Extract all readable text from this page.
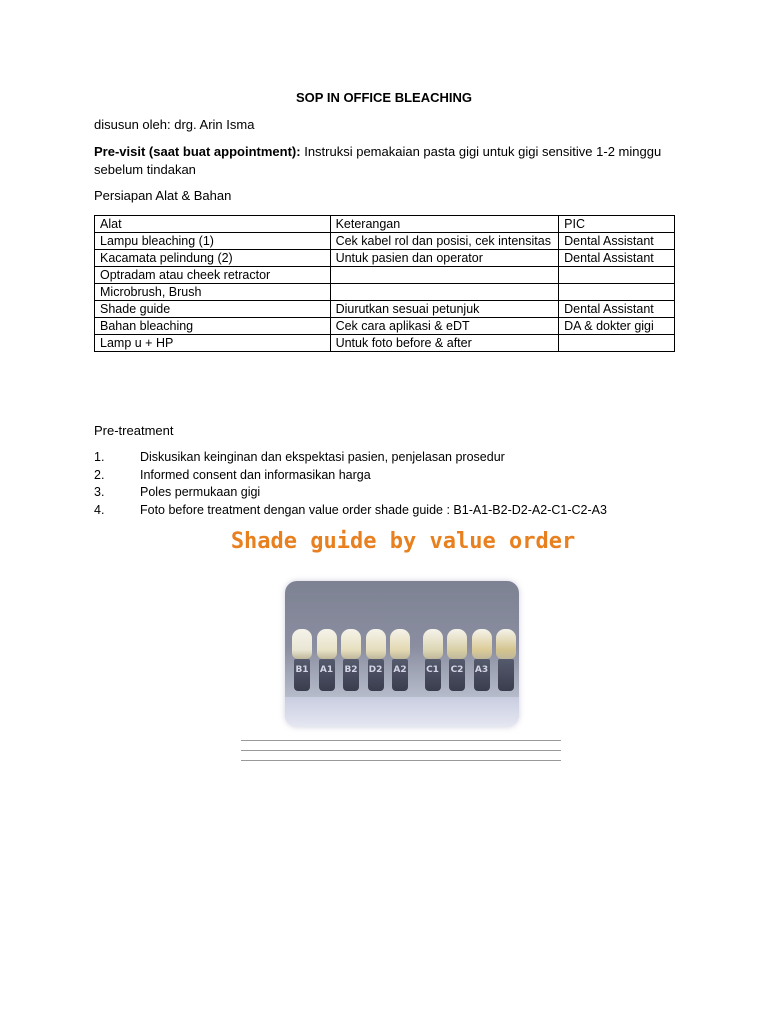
SOP IN OFFICE BLEACHING
disusun oleh: drg. Arin Isma
Pre-visit (saat buat appointment): Instruksi pemakaian pasta gigi untuk gigi sensitive 1-2 minggu sebelum tindakan
Persiapan Alat & Bahan
Alat	Keterangan	PIC
Lampu bleaching (1)	Cek kabel rol dan posisi, cek intensitas	Dental Assistant
Kacamata pelindung (2)	Untuk pasien dan operator	Dental Assistant
Optradam atau cheek retractor		
Microbrush, Brush		
Shade guide	Diurutkan sesuai petunjuk	Dental Assistant
Bahan bleaching	Cek cara aplikasi & eDT	DA & dokter gigi
Lamp u + HP	Untuk foto before & after	
Pre-treatment
1.	Diskusikan keinginan dan ekspektasi pasien, penjelasan prosedur
2.	Informed consent dan informasikan harga
3.	Poles permukaan gigi
4.	Foto before treatment dengan value order shade guide : B1-A1-B2-D2-A2-C1-C2-A3
Shade guide by value order
B1	A1	B2	D2	A2	C1	C2	A3
